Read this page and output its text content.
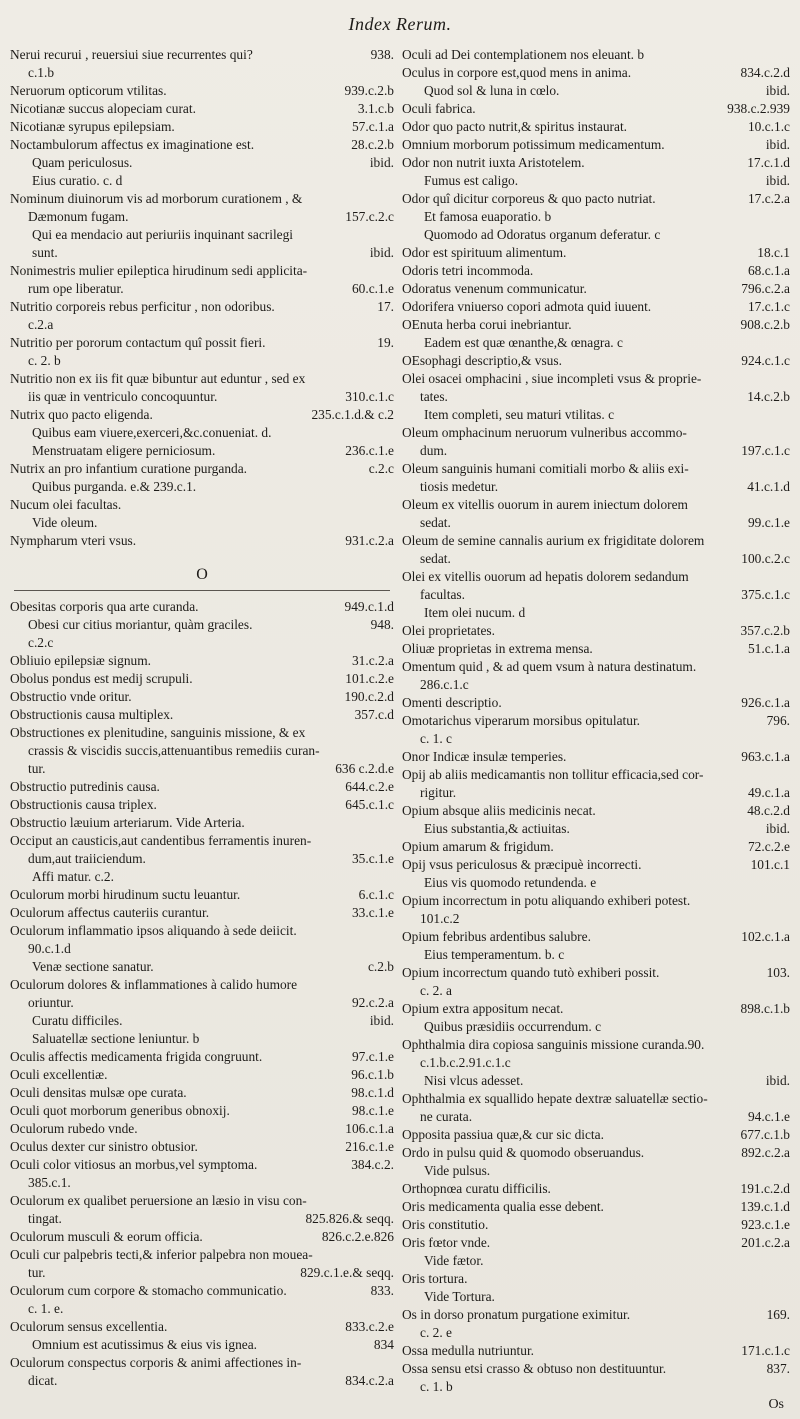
Index Rerum.
Nerui recurui , reuersiui siue recurrentes qui?	938.
c.1.b
Neruorum opticorum vtilitas.	939.c.2.b
Nicotianæ succus alopeciam curat.	3.1.c.b
Nicotianæ syrupus epilepsiam.	57.c.1.a
Noctambulorum affectus ex imaginatione est.	28.c.2.b
Quam periculosus.	ibid.
Eius curatio. c. d
Nominum diuinorum vis ad morborum curationem , &
Dæmonum fugam.	157.c.2.c
Qui ea mendacio aut periuriis inquinant sacrilegi
sunt.	ibid.
Nonimestris mulier epileptica hirudinum sedi applicita-
rum ope liberatur.	60.c.1.e
Nutritio corporeis rebus perficitur , non odoribus.	17.
c.2.a
Nutritio per pororum contactum quî possit fieri.	19.
c. 2. b
Nutritio non ex iis fit quæ bibuntur aut eduntur , sed ex
iis quæ in ventriculo concoquuntur.	310.c.1.c
Nutrix quo pacto eligenda.	235.c.1.d.& c.2
Quibus eam viuere,exerceri,&c.conueniat. d.
Menstruatam eligere perniciosum.	236.c.1.e
Nutrix an pro infantium curatione purganda.	c.2.c
Quibus purganda. e.& 239.c.1.
Nucum olei facultas.
Vide oleum.
Nympharum vteri vsus.	931.c.2.a
O
Obesitas corporis qua arte curanda.	949.c.1.d
Obesi cur citius moriantur, quàm graciles.	948.
c.2.c
Obliuio epilepsiæ signum.	31.c.2.a
Obolus pondus est medij scrupuli.	101.c.2.e
Obstructio vnde oritur.	190.c.2.d
Obstructionis causa multiplex.	357.c.d
Obstructiones ex plenitudine, sanguinis missione, & ex
crassis & viscidis succis,attenuantibus remediis curan-
tur.	636 c.2.d.e
Obstructio putredinis causa.	644.c.2.e
Obstructionis causa triplex.	645.c.1.c
Obstructio læuium arteriarum. Vide Arteria.
Occiput an causticis,aut candentibus ferramentis inuren-
dum,aut traiiciendum.	35.c.1.e
Affi matur. c.2.
Oculorum morbi hirudinum suctu leuantur.	6.c.1.c
Oculorum affectus cauteriis curantur.	33.c.1.e
Oculorum inflammatio ipsos aliquando à sede deiicit.
90.c.1.d
Venæ sectione sanatur.	c.2.b
Oculorum dolores & inflammationes à calido humore
oriuntur.	92.c.2.a
Curatu difficiles.	ibid.
Saluatellæ sectione leniuntur. b
Oculis affectis medicamenta frigida congruunt.	97.c.1.e
Oculi excellentiæ.	96.c.1.b
Oculi densitas mulsæ ope curata.	98.c.1.d
Oculi quot morborum generibus obnoxij.	98.c.1.e
Oculorum rubedo vnde.	106.c.1.a
Oculus dexter cur sinistro obtusior.	216.c.1.e
Oculi color vitiosus an morbus,vel symptoma.	384.c.2.
385.c.1.
Oculorum ex qualibet peruersione an læsio in visu con-
tingat.	825.826.& seqq.
Oculorum musculi & eorum officia.	826.c.2.e.826
Oculi cur palpebris tecti,& inferior palpebra non mouea-
tur.	829.c.1.e.& seqq.
Oculorum cum corpore & stomacho communicatio.	833.
c. 1. e.
Oculorum sensus excellentia.	833.c.2.e
Omnium est acutissimus & eius vis ignea.	834
Oculorum conspectus corporis & animi affectiones in-
dicat.	834.c.2.a
Oculi ad Dei contemplationem nos eleuant. b
Oculus in corpore est,quod mens in anima.	834.c.2.d
Quod sol & luna in cœlo.	ibid.
Oculi fabrica.	938.c.2.939
Odor quo pacto nutrit,& spiritus instaurat.	10.c.1.c
Omnium morborum potissimum medicamentum.	ibid.
Odor non nutrit iuxta Aristotelem.	17.c.1.d
Fumus est caligo.	ibid.
Odor quî dicitur corporeus & quo pacto nutriat.	17.c.2.a
Et famosa euaporatio. b
Quomodo ad Odoratus organum deferatur. c
Odor est spirituum alimentum.	18.c.1
Odoris tetri incommoda.	68.c.1.a
Odoratus venenum communicatur.	796.c.2.a
Odorifera vniuerso copori admota quid iuuent.	17.c.1.c
OEnuta herba corui inebriantur.	908.c.2.b
Eadem est quæ œnanthe,& œnagra. c
OEsophagi descriptio,& vsus.	924.c.1.c
Olei osacei omphacini , siue incompleti vsus & proprie-
tates.	14.c.2.b
Item completi, seu maturi vtilitas. c
Oleum omphacinum neruorum vulneribus accommo-
dum.	197.c.1.c
Oleum sanguinis humani comitiali morbo & aliis exi-
tiosis medetur.	41.c.1.d
Oleum ex vitellis ouorum in aurem iniectum dolorem
sedat.	99.c.1.e
Oleum de semine cannalis aurium ex frigiditate dolorem
sedat.	100.c.2.c
Olei ex vitellis ouorum ad hepatis dolorem sedandum
facultas.	375.c.1.c
Item olei nucum. d
Olei proprietates.	357.c.2.b
Oliuæ proprietas in extrema mensa.	51.c.1.a
Omentum quid , & ad quem vsum à natura destinatum.
286.c.1.c
Omenti descriptio.	926.c.1.a
Omotarichus viperarum morsibus opitulatur.	796.
c. 1. c
Onor Indicæ insulæ temperies.	963.c.1.a
Opij ab aliis medicamantis non tollitur efficacia,sed cor-
rigitur.	49.c.1.a
Opium absque aliis medicinis necat.	48.c.2.d
Eius substantia,& actiuitas.	ibid.
Opium amarum & frigidum.	72.c.2.e
Opij vsus periculosus & præcipuè incorrecti.	101.c.1
Eius vis quomodo retundenda. e
Opium incorrectum in potu aliquando exhiberi potest.
101.c.2
Opium febribus ardentibus salubre.	102.c.1.a
Eius temperamentum. b. c
Opium incorrectum quando tutò exhiberi possit.	103.
c. 2. a
Opium extra appositum necat.	898.c.1.b
Quibus præsidiis occurrendum. c
Ophthalmia dira copiosa sanguinis missione curanda.90.
c.1.b.c.2.91.c.1.c
Nisi vlcus adesset.	ibid.
Ophthalmia ex squallido hepate dextræ saluatellæ sectio-
ne curata.	94.c.1.e
Opposita passiua quæ,& cur sic dicta.	677.c.1.b
Ordo in pulsu quid & quomodo obseruandus.	892.c.2.a
Vide pulsus.
Orthopnœa curatu difficilis.	191.c.2.d
Oris medicamenta qualia esse debent.	139.c.1.d
Oris constitutio.	923.c.1.e
Oris fœtor vnde.	201.c.2.a
Vide fætor.
Oris tortura.
Vide Tortura.
Os in dorso pronatum purgatione eximitur.	169.
c. 2. e
Ossa medulla nutriuntur.	171.c.1.c
Ossa sensu etsi crasso & obtuso non destituuntur.	837.
c. 1. b
Os
